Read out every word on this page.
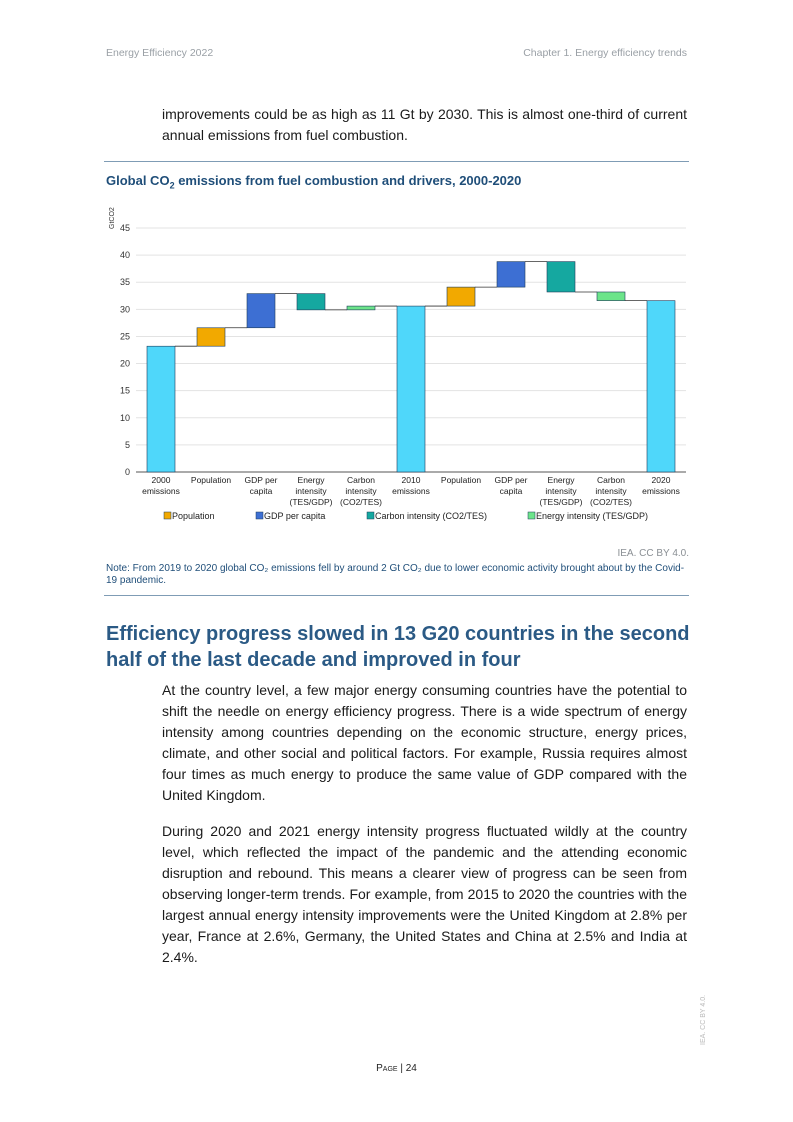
Energy Efficiency 2022	Chapter 1. Energy efficiency trends
improvements could be as high as 11 Gt by 2030. This is almost one-third of current annual emissions from fuel combustion.
Global $CO_2$ emissions from fuel combustion and drivers, 2000-2020
0
5
10
15
20
25
30
35
40
45
GtCO2
2000
emissions
Population GDP per
capita
Energy
intensity
(TES/GDP)
Carbon
intensity
(CO2/TES)
2010
emissions
Population GDP per
capita
Energy
intensity
(TES/GDP)
Carbon
intensity
(CO2/TES)
2020
emissions
Population	GDP per capita	Carbon intensity (CO2/TES)	Energy intensity (TES/GDP)
IEA. CC BY 4.0.
Note: From 2019 to 2020 global CO₂ emissions fell by around 2 Gt CO₂ due to lower economic activity brought about by the Covid-19 pandemic.
Efficiency progress slowed in 13 G20 countries in the second half of the last decade and improved in four
At the country level, a few major energy consuming countries have the potential to shift the needle on energy efficiency progress. There is a wide spectrum of energy intensity among countries depending on the economic structure, energy prices, climate, and other social and political factors. For example, Russia requires almost four times as much energy to produce the same value of GDP compared with the United Kingdom.
During 2020 and 2021 energy intensity progress fluctuated wildly at the country level, which reflected the impact of the pandemic and the attending economic disruption and rebound. This means a clearer view of progress can be seen from observing longer-term trends. For example, from 2015 to 2020 the countries with the largest annual energy intensity improvements were the United Kingdom at 2.8% per year, France at 2.6%, Germany, the United States and China at 2.5% and India at 2.4%.
Page | 24
IEA. CC BY 4.0.
